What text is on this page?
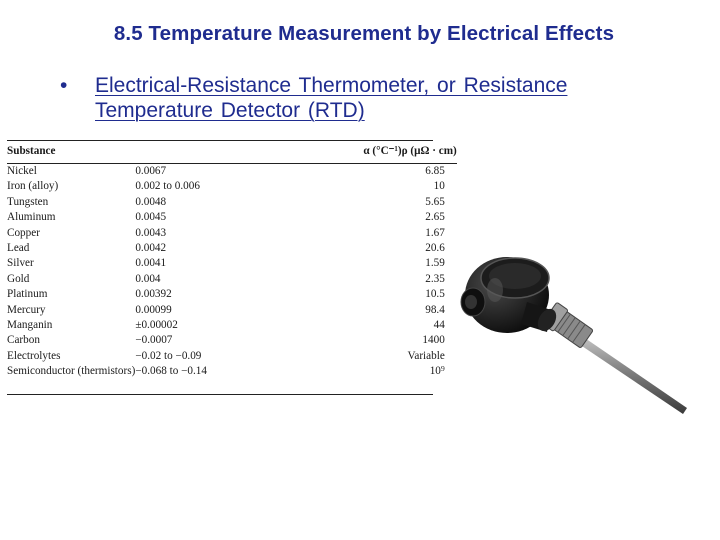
8.5 Temperature Measurement by Electrical Effects
• Electrical-Resistance Thermometer, or Resistance Temperature Detector (RTD)
Substance	α (°C⁻¹)	ρ (μΩ · cm)
Nickel	0.0067	6.85
Iron (alloy)	0.002 to 0.006	10
Tungsten	0.0048	5.65
Aluminum	0.0045	2.65
Copper	0.0043	1.67
Lead	0.0042	20.6
Silver	0.0041	1.59
Gold	0.004	2.35
Platinum	0.00392	10.5
Mercury	0.00099	98.4
Manganin	±0.00002	44
Carbon	−0.0007	1400
Electrolytes	−0.02 to −0.09	Variable
Semiconductor (thermistors)	−0.068 to −0.14	10⁹
